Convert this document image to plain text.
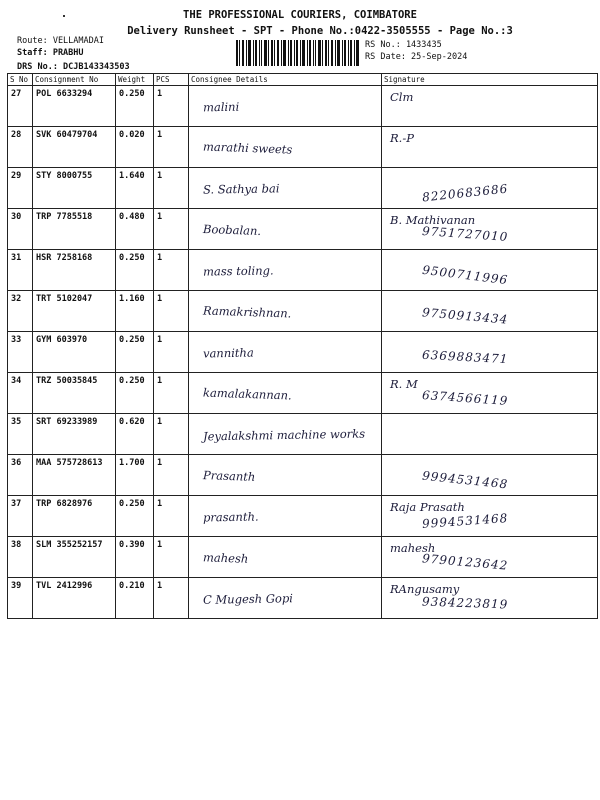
THE PROFESSIONAL COURIERS, COIMBATORE
Delivery Runsheet - SPT - Phone No.:0422-3505555 - Page No.:3
Route: VELLAMADAI
Staff: PRABHU
DRS No.: DCJB143343503
RS No.: 1433435
RS Date: 25-Sep-2024
S No	Consignment No	Weight	PCS	Consignee Details	Signature
27	POL 6633294	0.250	1	malini	Clm

28	SVK 60479704	0.020	1	marathi sweets	R.-P

29	STY 8000755	1.640	1	S. Sathya bai	8220683686

30	TRP 7785518	0.480	1	Boobalan.	B. Mathivanan
9751727010

31	HSR 7258168	0.250	1	mass toling.	9500711996

32	TRT 5102047	1.160	1	Ramakrishnan.	9750913434

33	GYM 603970	0.250	1	vannitha	6369883471

34	TRZ 50035845	0.250	1	kamalakannan.	R. M
6374566119

35	SRT 69233989	0.620	1	Jeyalakshmi machine works	

36	MAA 575728613	1.700	1	Prasanth	9994531468

37	TRP 6828976	0.250	1	prasanth.	Raja Prasath
9994531468

38	SLM 355252157	0.390	1	mahesh	mahesh
9790123642

39	TVL 2412996	0.210	1	C Mugesh Gopi	RAngusamy
9384223819
